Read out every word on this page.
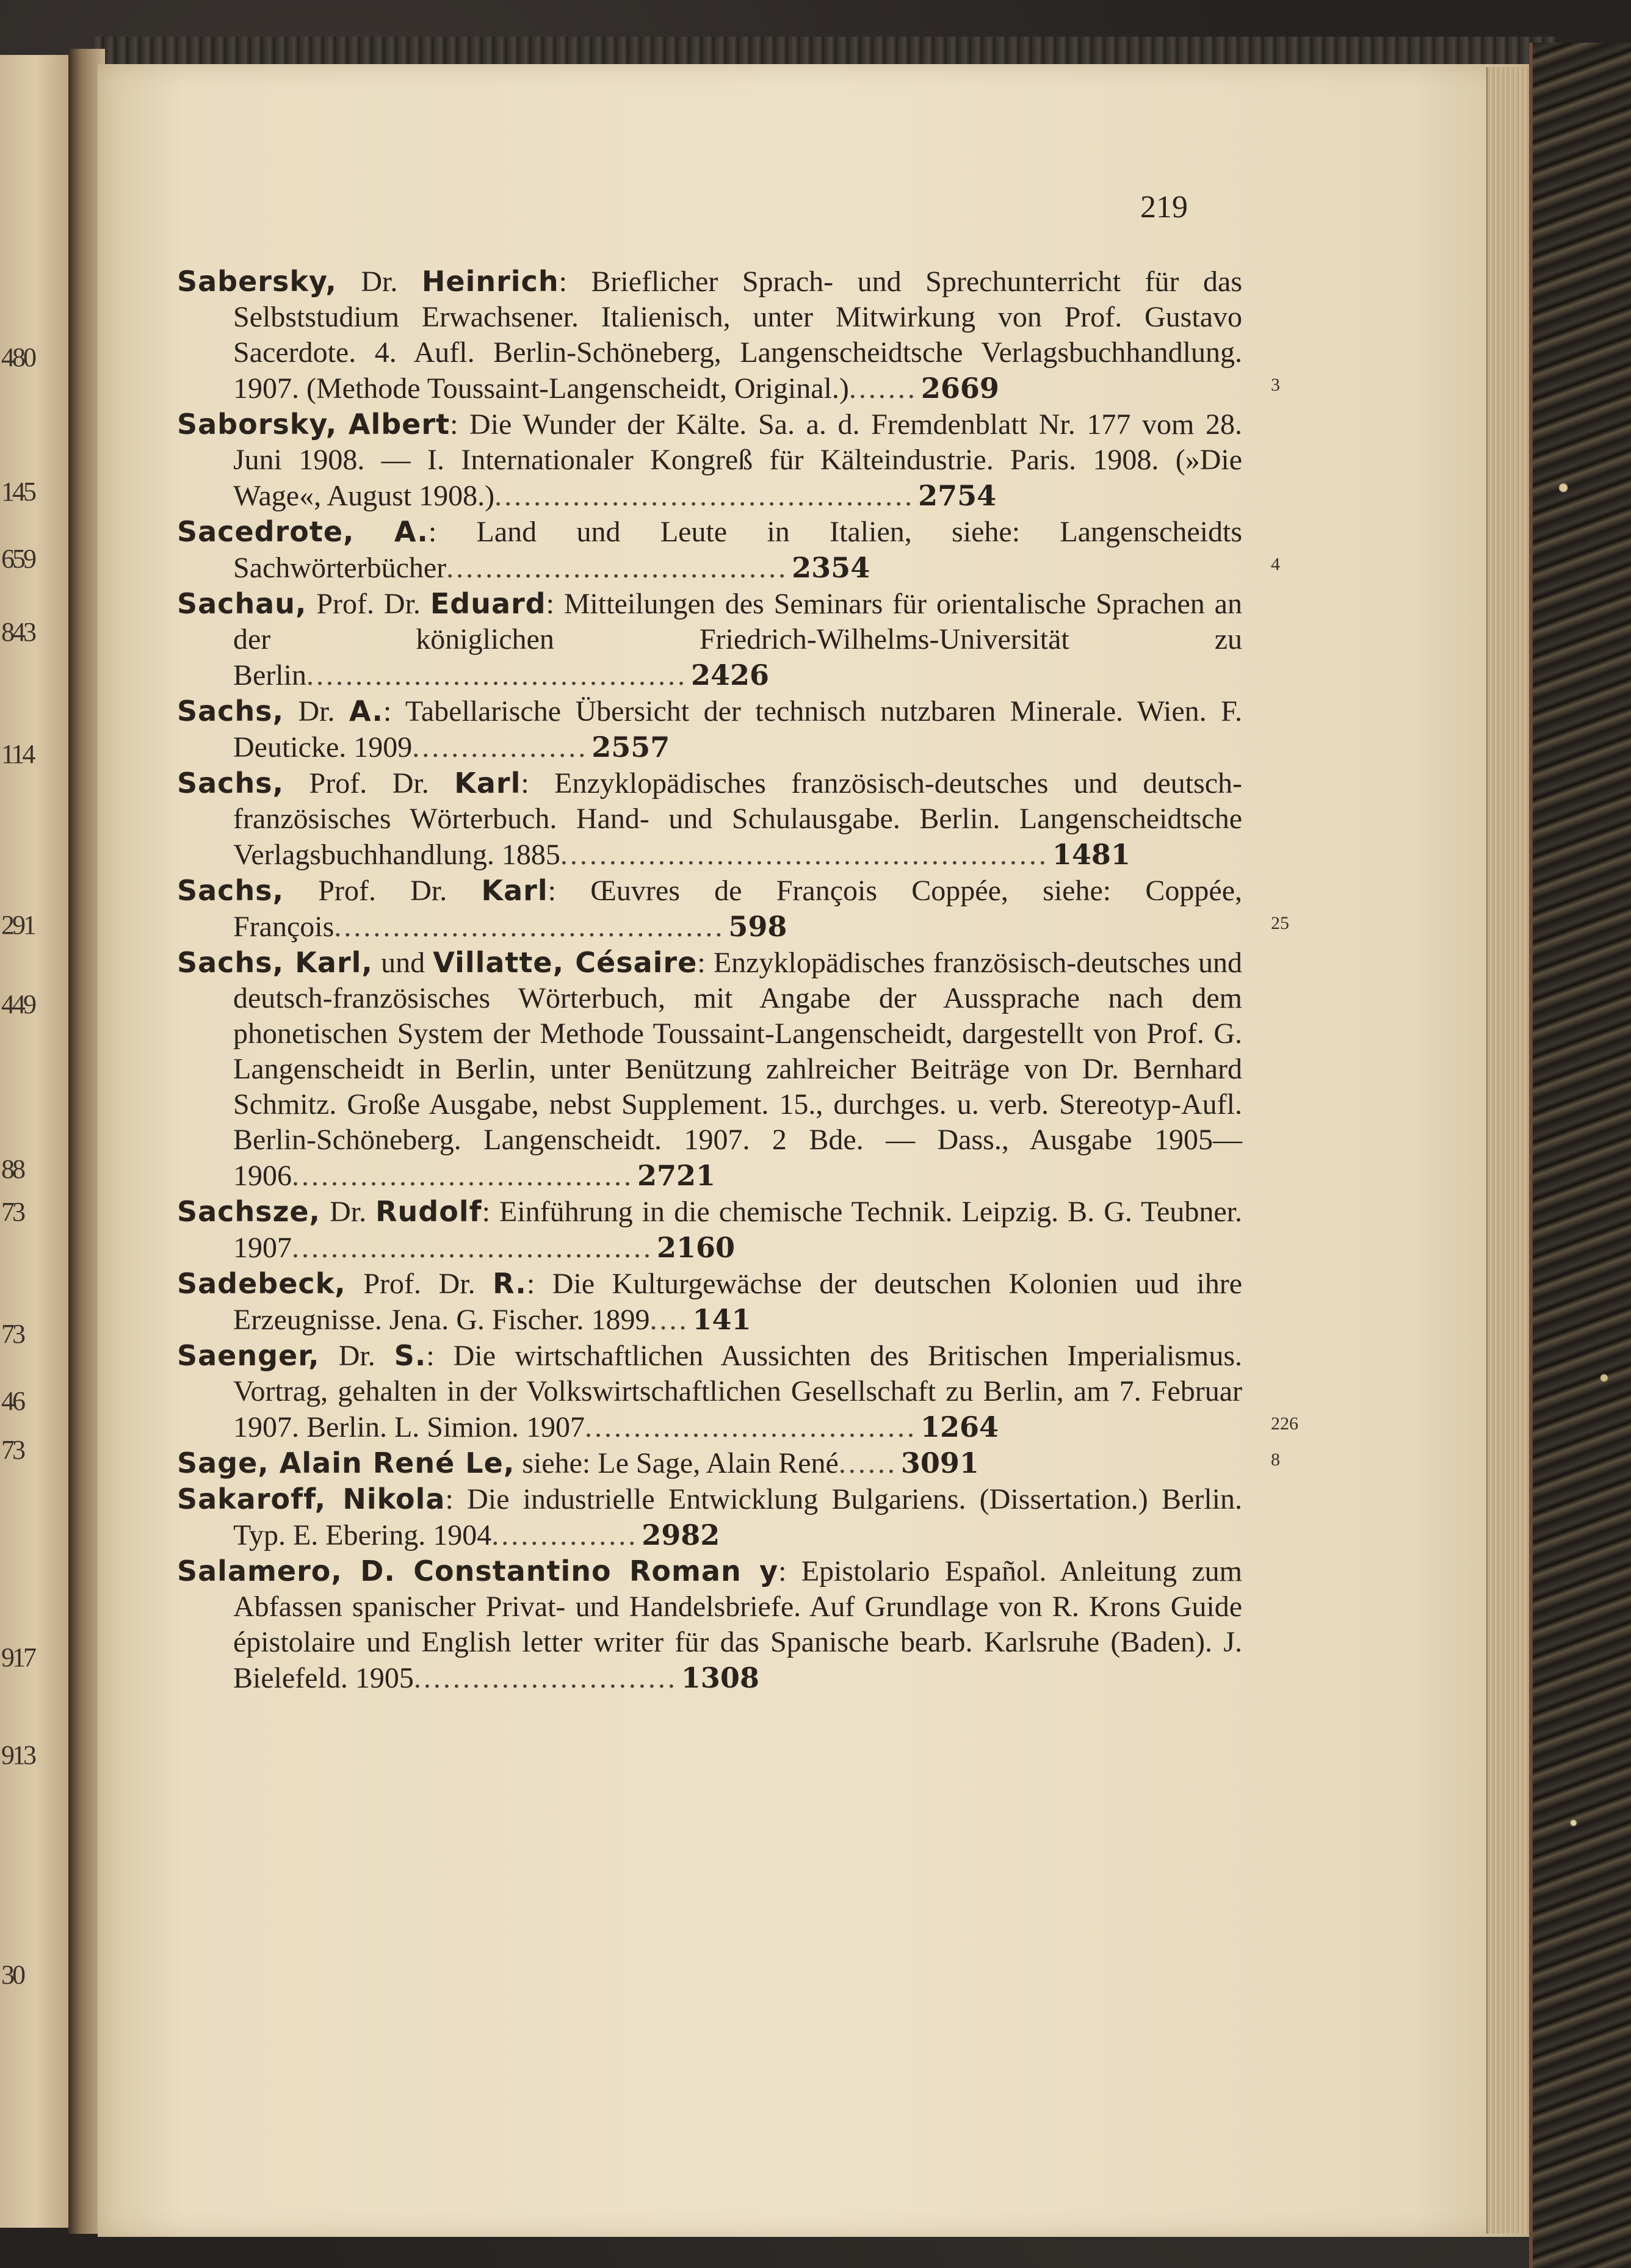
480
145
659
843
114
291
449
88
73
73
46
73
917
913
30
219
Sabersky, Dr. Heinrich: Brieflicher Sprach- und Sprechunterricht für das Selbststudium Erwachsener. Italienisch, unter Mitwirkung von Prof. Gustavo Sacerdote. 4. Aufl. Berlin-Schöneberg, Langenscheidtsche Verlagsbuchhandlung. 1907. (Methode Toussaint-Langenscheidt, Original.)....... 2669	3
Saborsky, Albert: Die Wunder der Kälte. Sa. a. d. Fremdenblatt Nr. 177 vom 28. Juni 1908. — I. Internationaler Kongreß für Kälteindustrie. Paris. 1908. (»Die Wage«, August 1908.)........................................... 2754
Sacedrote, A.: Land und Leute in Italien, siehe: Langenscheidts Sachwörterbücher................................... 2354	4
Sachau, Prof. Dr. Eduard: Mitteilungen des Seminars für orientalische Sprachen an der königlichen Friedrich-Wilhelms-Universität zu Berlin....................................... 2426
Sachs, Dr. A.: Tabellarische Übersicht der technisch nutzbaren Minerale. Wien. F. Deuticke. 1909.................. 2557
Sachs, Prof. Dr. Karl: Enzyklopädisches französisch-deutsches und deutsch-französisches Wörterbuch. Hand- und Schulausgabe. Berlin. Langenscheidtsche Verlagsbuchhandlung. 1885.................................................. 1481
Sachs, Prof. Dr. Karl: Œuvres de François Coppée, siehe: Coppée, François........................................ 598	25
Sachs, Karl, und Villatte, Césaire: Enzyklopädisches französisch-deutsches und deutsch-französisches Wörterbuch, mit Angabe der Aussprache nach dem phonetischen System der Methode Toussaint-Langenscheidt, dargestellt von Prof. G. Langenscheidt in Berlin, unter Benützung zahlreicher Beiträge von Dr. Bernhard Schmitz. Große Ausgabe, nebst Supplement. 15., durchges. u. verb. Stereotyp-Aufl. Berlin-Schöneberg. Langenscheidt. 1907. 2 Bde. — Dass., Ausgabe 1905—1906................................... 2721
Sachsze, Dr. Rudolf: Einführung in die chemische Technik. Leipzig. B. G. Teubner. 1907..................................... 2160
Sadebeck, Prof. Dr. R.: Die Kulturgewächse der deutschen Kolonien uud ihre Erzeugnisse. Jena. G. Fischer. 1899.... 141
Saenger, Dr. S.: Die wirtschaftlichen Aussichten des Britischen Imperialismus. Vortrag, gehalten in der Volkswirtschaftlichen Gesellschaft zu Berlin, am 7. Februar 1907. Berlin. L. Simion. 1907.................................. 1264	226
Sage, Alain René Le, siehe: Le Sage, Alain René...... 3091	8
Sakaroff, Nikola: Die industrielle Entwicklung Bulgariens. (Dissertation.) Berlin. Typ. E. Ebering. 1904............... 2982
Salamero, D. Constantino Roman y: Epistolario Español. Anleitung zum Abfassen spanischer Privat- und Handelsbriefe. Auf Grundlage von R. Krons Guide épistolaire und English letter writer für das Spanische bearb. Karlsruhe (Baden). J. Bielefeld. 1905........................... 1308
